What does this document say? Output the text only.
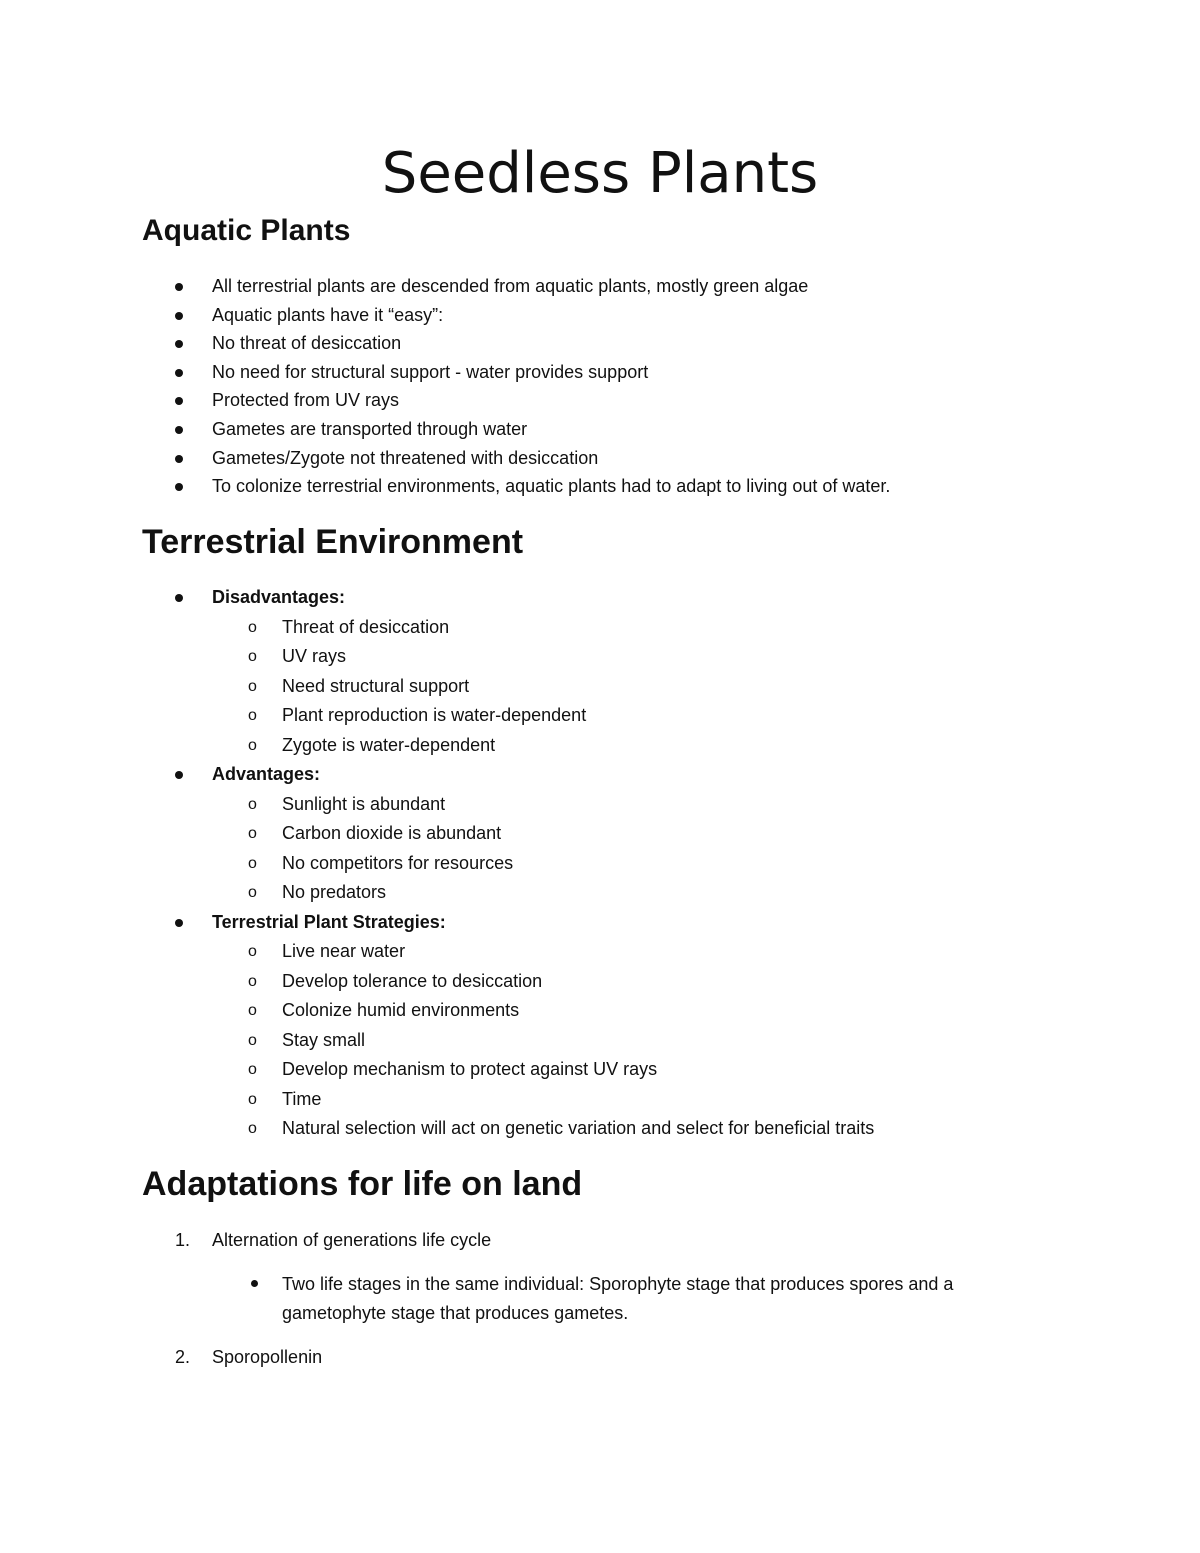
Seedless Plants
Aquatic Plants
All terrestrial plants are descended from aquatic plants, mostly green algae
Aquatic plants have it “easy”:
No threat of desiccation
No need for structural support - water provides support
Protected from UV rays
Gametes are transported through water
Gametes/Zygote not threatened with desiccation
To colonize terrestrial environments, aquatic plants had to adapt to living out of water.
Terrestrial Environment
Disadvantages:
o Threat of desiccation
o UV rays
o Need structural support
o Plant reproduction is water-dependent
o Zygote is water-dependent
Advantages:
o Sunlight is abundant
o Carbon dioxide is abundant
o No competitors for resources
o No predators
Terrestrial Plant Strategies:
o Live near water
o Develop tolerance to desiccation
o Colonize humid environments
o Stay small
o Develop mechanism to protect against UV rays
o Time
o Natural selection will act on genetic variation and select for beneficial traits
Adaptations for life on land
1. Alternation of generations life cycle
Two life stages in the same individual: Sporophyte stage that produces spores and a gametophyte stage that produces gametes.
2. Sporopollenin
